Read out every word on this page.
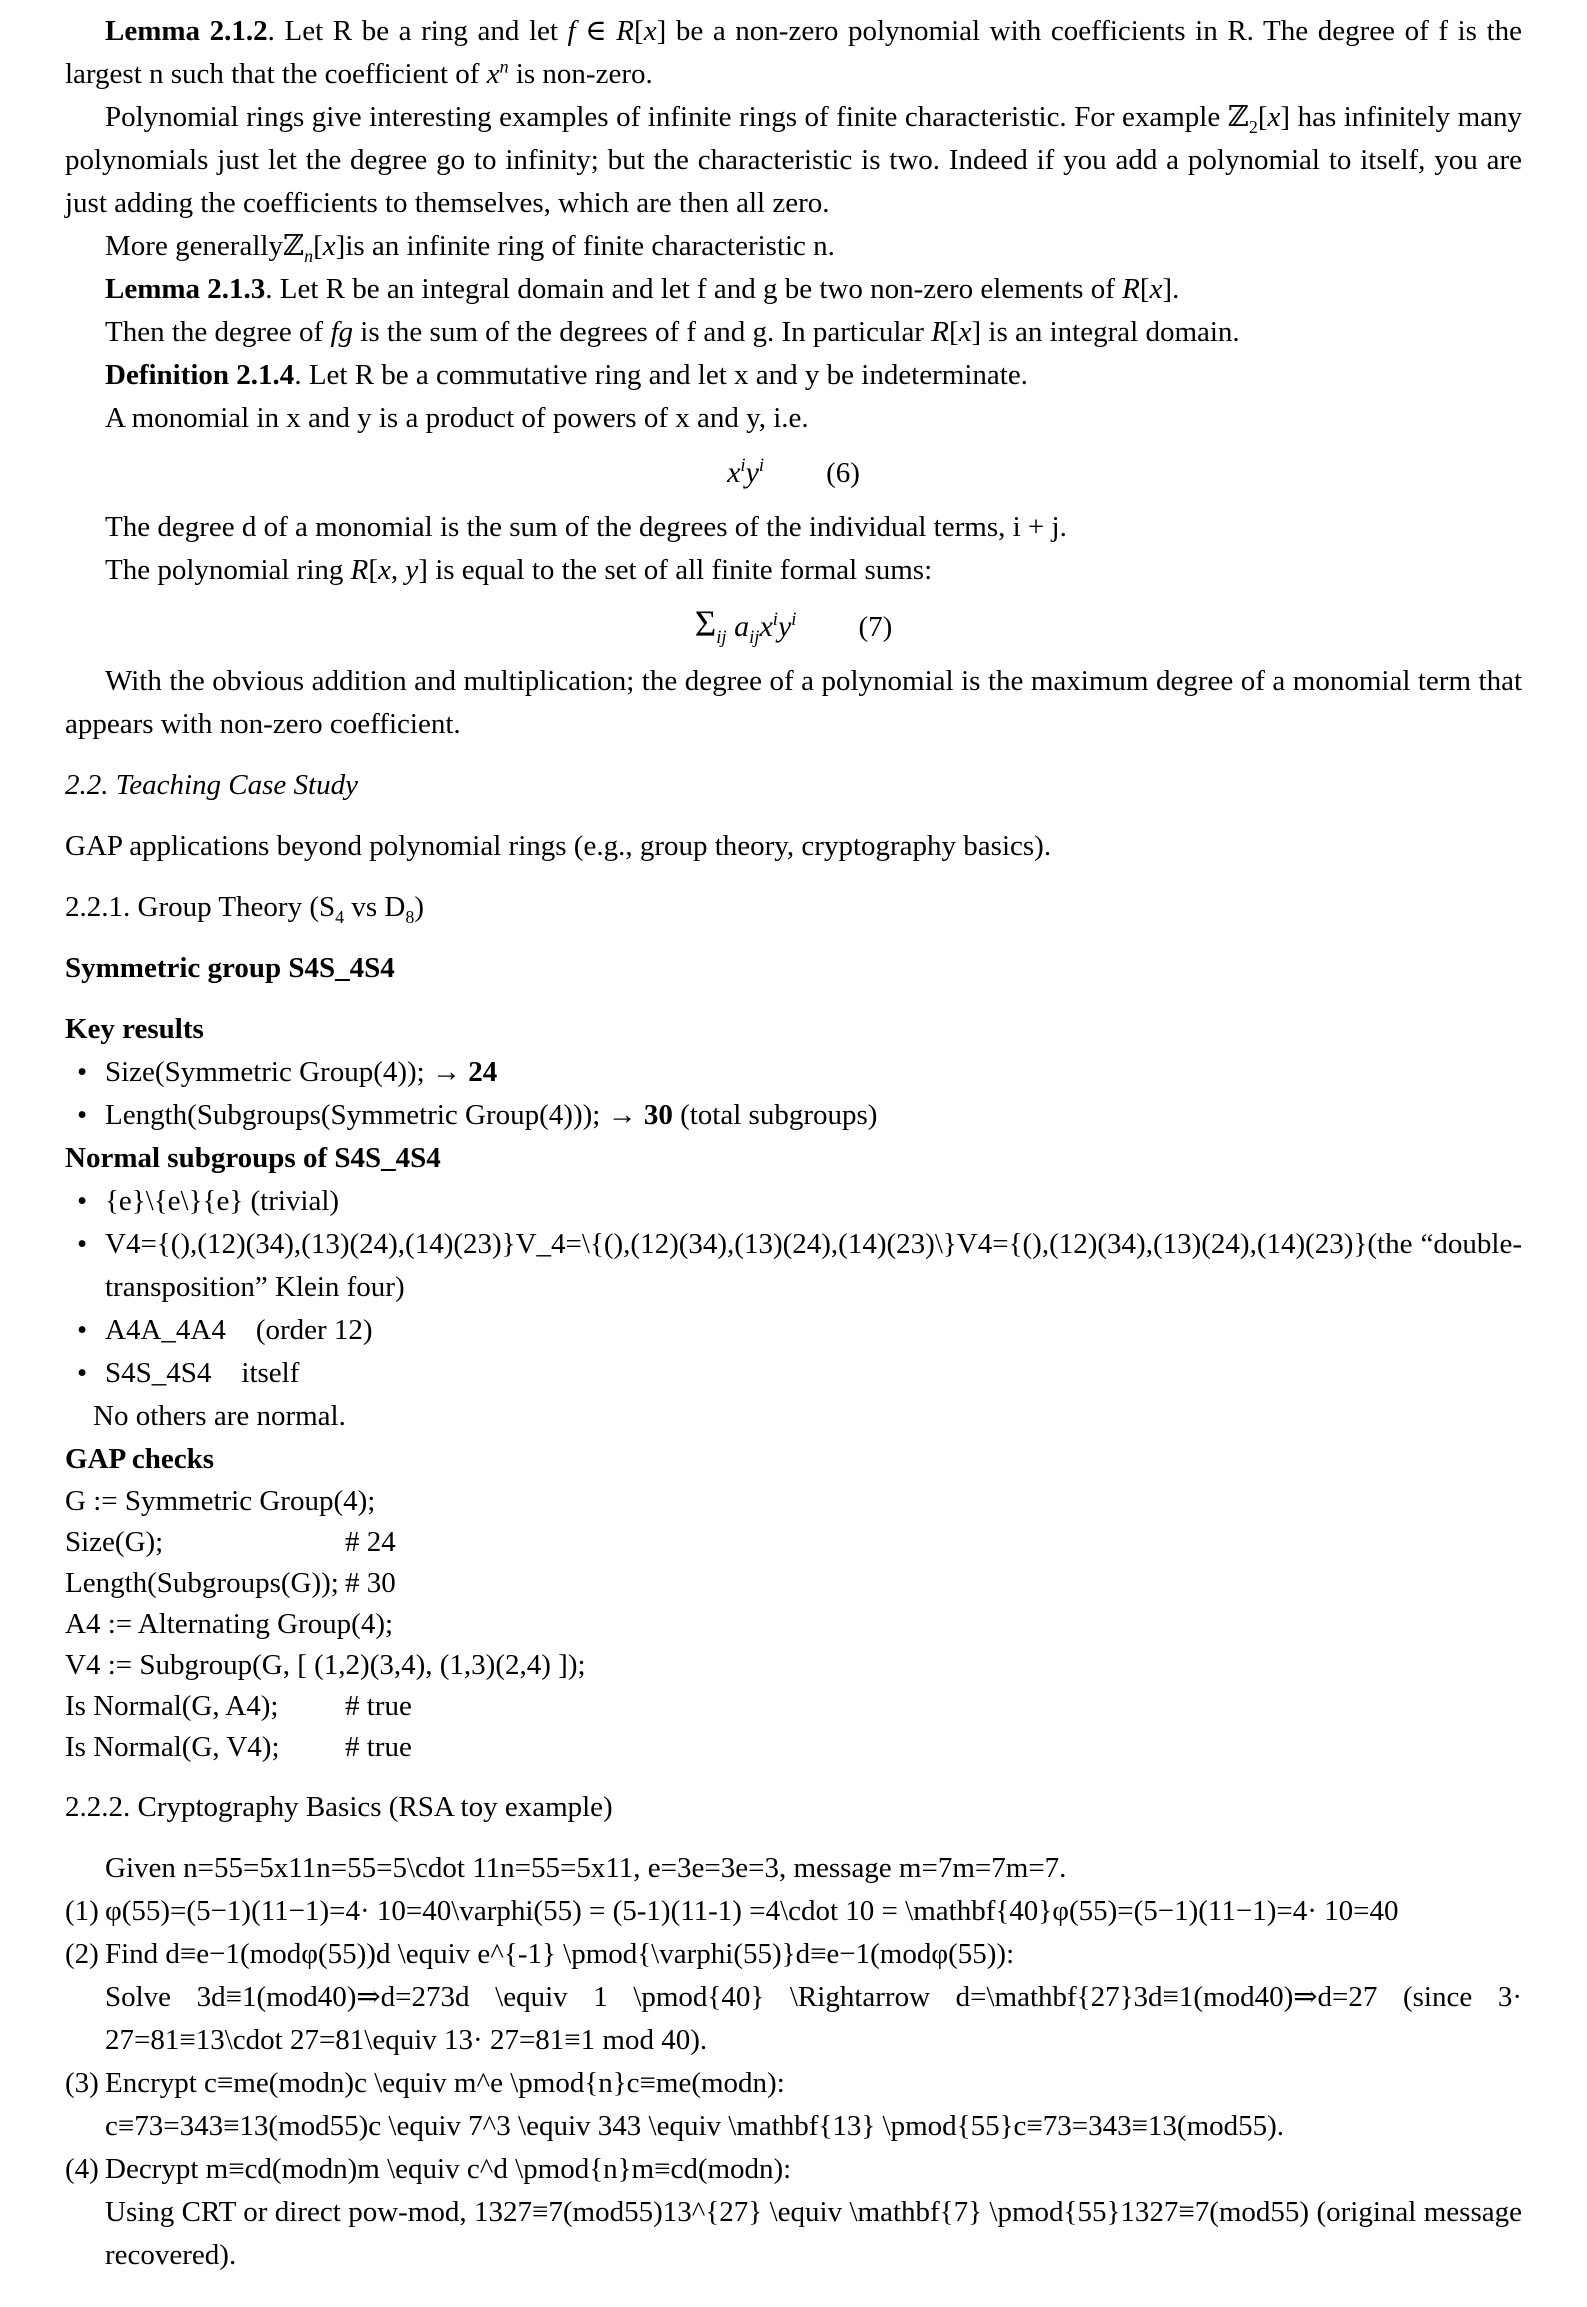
Lemma 2.1.2. Let R be a ring and let f ∈ R[x] be a non-zero polynomial with coefficients in R. The degree of f is the largest n such that the coefficient of $x^n$ is non-zero.

Polynomial rings give interesting examples of infinite rings of finite characteristic. For example ℤ$_2$[x] has infinitely many polynomials just let the degree go to infinity; but the characteristic is two. Indeed if you add a polynomial to itself, you are just adding the coefficients to themselves, which are then all zero.

More generallyℤ$_n$[x]is an infinite ring of finite characteristic n.

Lemma 2.1.3. Let R be an integral domain and let f and g be two non-zero elements of R[x].

Then the degree of fg is the sum of the degrees of f and g. In particular R[x] is an integral domain.

Definition 2.1.4. Let R be a commutative ring and let x and y be indeterminate.

A monomial in x and y is a product of powers of x and y, i.e.

$x^iy^i$ (6)

The degree d of a monomial is the sum of the degrees of the individual terms, i + j.

The polynomial ring R[x, y] is equal to the set of all finite formal sums:

$\Sigma_{ij}$ $a_{ij}x^iy^i$ (7)

With the obvious addition and multiplication; the degree of a polynomial is the maximum degree of a monomial term that appears with non-zero coefficient.

2.2. Teaching Case Study

GAP applications beyond polynomial rings (e.g., group theory, cryptography basics).

2.2.1. Group Theory ($S_4$ vs $D_8$)

Symmetric group S4S_4S4

Key results

• Size(Symmetric Group(4)); → 24
• Length(Subgroups(Symmetric Group(4))); → 30 (total subgroups)

Normal subgroups of S4S_4S4

• {e}\{e\}{e} (trivial)
• V4={(),(12)(34),(13)(24),(14)(23)}V_4=\{(),(12)(34),(13)(24),(14)(23)\}V4={(),(12)(34),(13)(24),(14)(23)}(the “double-transposition” Klein four)
• A4A_4A4 (order 12)
• S4S_4S4 itself

No others are normal.

GAP checks

G := Symmetric Group(4);
Size(G);	# 24
Length(Subgroups(G)); # 30
A4 := Alternating Group(4);
V4 := Subgroup(G, [ (1,2)(3,4), (1,3)(2,4) ]);
Is Normal(G, A4); # true
Is Normal(G, V4); # true

2.2.2. Cryptography Basics (RSA toy example)

Given n=55=5x11n=55=5\cdot 11n=55=5x11, e=3e=3e=3, message m=7m=7m=7.

(1) φ(55)=(5−1)(11−1)=4· 10=40\varphi(55) = (5-1)(11-1) =4\cdot 10 = \mathbf{40}φ(55)=(5−1)(11−1)=4· 10=40

(2) Find d≡e−1(modφ(55))d \equiv e^{-1} \pmod{\varphi(55)}d≡e−1(modφ(55)):

Solve 3d≡1(mod40)⇒d=273d \equiv 1 \pmod{40} \Rightarrow d=\mathbf{27}3d≡1(mod40)⇒d=27 (since 3· 27=81≡13\cdot 27=81\equiv 13· 27=81≡1 mod 40).

(3) Encrypt c≡me(modn)c \equiv m^e \pmod{n}c≡me(modn):

c≡73=343≡13(mod55)c \equiv 7^3 \equiv 343 \equiv \mathbf{13} \pmod{55}c≡73=343≡13(mod55).

(4) Decrypt m≡cd(modn)m \equiv c^d \pmod{n}m≡cd(modn):

Using CRT or direct pow-mod, 1327≡7(mod55)13^{27} \equiv \mathbf{7} \pmod{55}1327≡7(mod55) (original message recovered).
